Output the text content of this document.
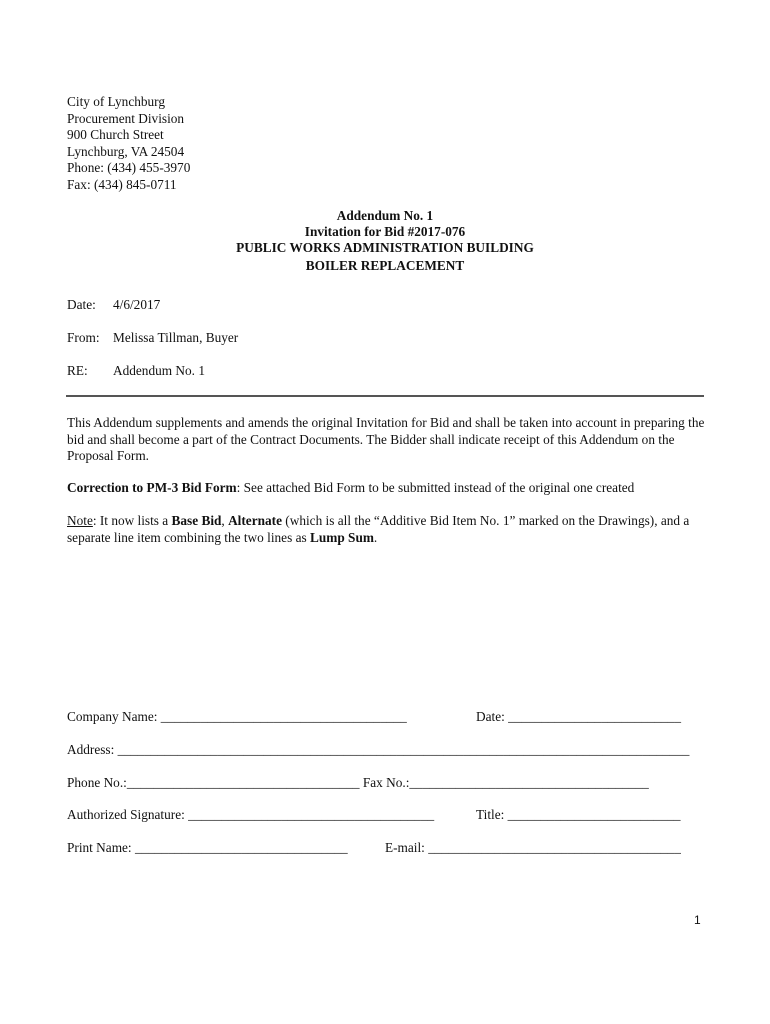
City of Lynchburg
Procurement Division
900 Church Street
Lynchburg, VA 24504
Phone: (434) 455-3970
Fax: (434) 845-0711
Addendum No. 1
Invitation for Bid #2017-076
PUBLIC WORKS ADMINISTRATION BUILDING
BOILER REPLACEMENT
Date: 4/6/2017
From: Melissa Tillman, Buyer
RE: Addendum No. 1
This Addendum supplements and amends the original Invitation for Bid and shall be taken into account in preparing the bid and shall become a part of the Contract Documents. The Bidder shall indicate receipt of this Addendum on the Proposal Form.
Correction to PM-3 Bid Form: See attached Bid Form to be submitted instead of the original one created
Note: It now lists a Base Bid, Alternate (which is all the “Additive Bid Item No. 1” marked on the Drawings), and a separate line item combining the two lines as Lump Sum.
Company Name: _____________________________________	Date: __________________________
Address: ______________________________________________________________________________________
Phone No.:___________________________________ Fax No.:____________________________________
Authorized Signature: _____________________________________	Title: __________________________
Print Name: ________________________________	E-mail: ______________________________________
1
